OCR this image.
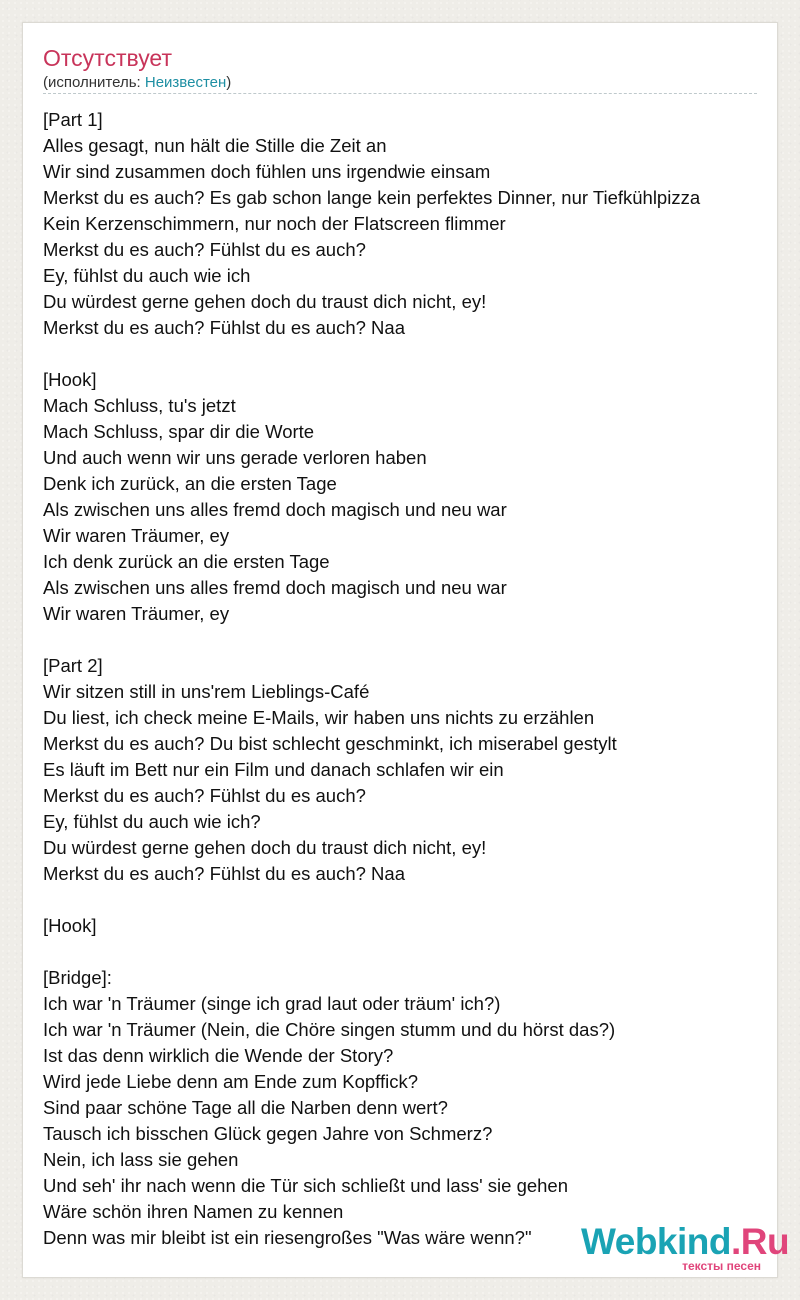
Отсутствует
(исполнитель: Неизвестен)
[Part 1]
Alles gesagt, nun hält die Stille die Zeit an
Wir sind zusammen doch fühlen uns irgendwie einsam
Merkst du es auch? Es gab schon lange kein perfektes Dinner, nur Tiefkühlpizza
Kein Kerzenschimmern, nur noch der Flatscreen flimmer
Merkst du es auch? Fühlst du es auch?
Ey, fühlst du auch wie ich
Du würdest gerne gehen doch du traust dich nicht, ey!
Merkst du es auch? Fühlst du es auch? Naa
[Hook]
Mach Schluss, tu's jetzt
Mach Schluss, spar dir die Worte
Und auch wenn wir uns gerade verloren haben
Denk ich zurück, an die ersten Tage
Als zwischen uns alles fremd doch magisch und neu war
Wir waren Träumer, ey
Ich denk zurück an die ersten Tage
Als zwischen uns alles fremd doch magisch und neu war
Wir waren Träumer, ey
[Part 2]
Wir sitzen still in uns'rem Lieblings-Café
Du liest, ich check meine E-Mails, wir haben uns nichts zu erzählen
Merkst du es auch? Du bist schlecht geschminkt, ich miserabel gestylt
Es läuft im Bett nur ein Film und danach schlafen wir ein
Merkst du es auch? Fühlst du es auch?
Ey, fühlst du auch wie ich?
Du würdest gerne gehen doch du traust dich nicht, ey!
Merkst du es auch? Fühlst du es auch? Naa
[Hook]
[Bridge]:
Ich war 'n Träumer (singe ich grad laut oder träum' ich?)
Ich war 'n Träumer (Nein, die Chöre singen stumm und du hörst das?)
Ist das denn wirklich die Wende der Story?
Wird jede Liebe denn am Ende zum Kopffick?
Sind paar schöne Tage all die Narben denn wert?
Tausch ich bisschen Glück gegen Jahre von Schmerz?
Nein, ich lass sie gehen
Und seh' ihr nach wenn die Tür sich schließt und lass' sie gehen
Wäre schön ihren Namen zu kennen
Denn was mir bleibt ist ein riesengroßes "Was wäre wenn?"	Webkind.Ru
тексты песен
